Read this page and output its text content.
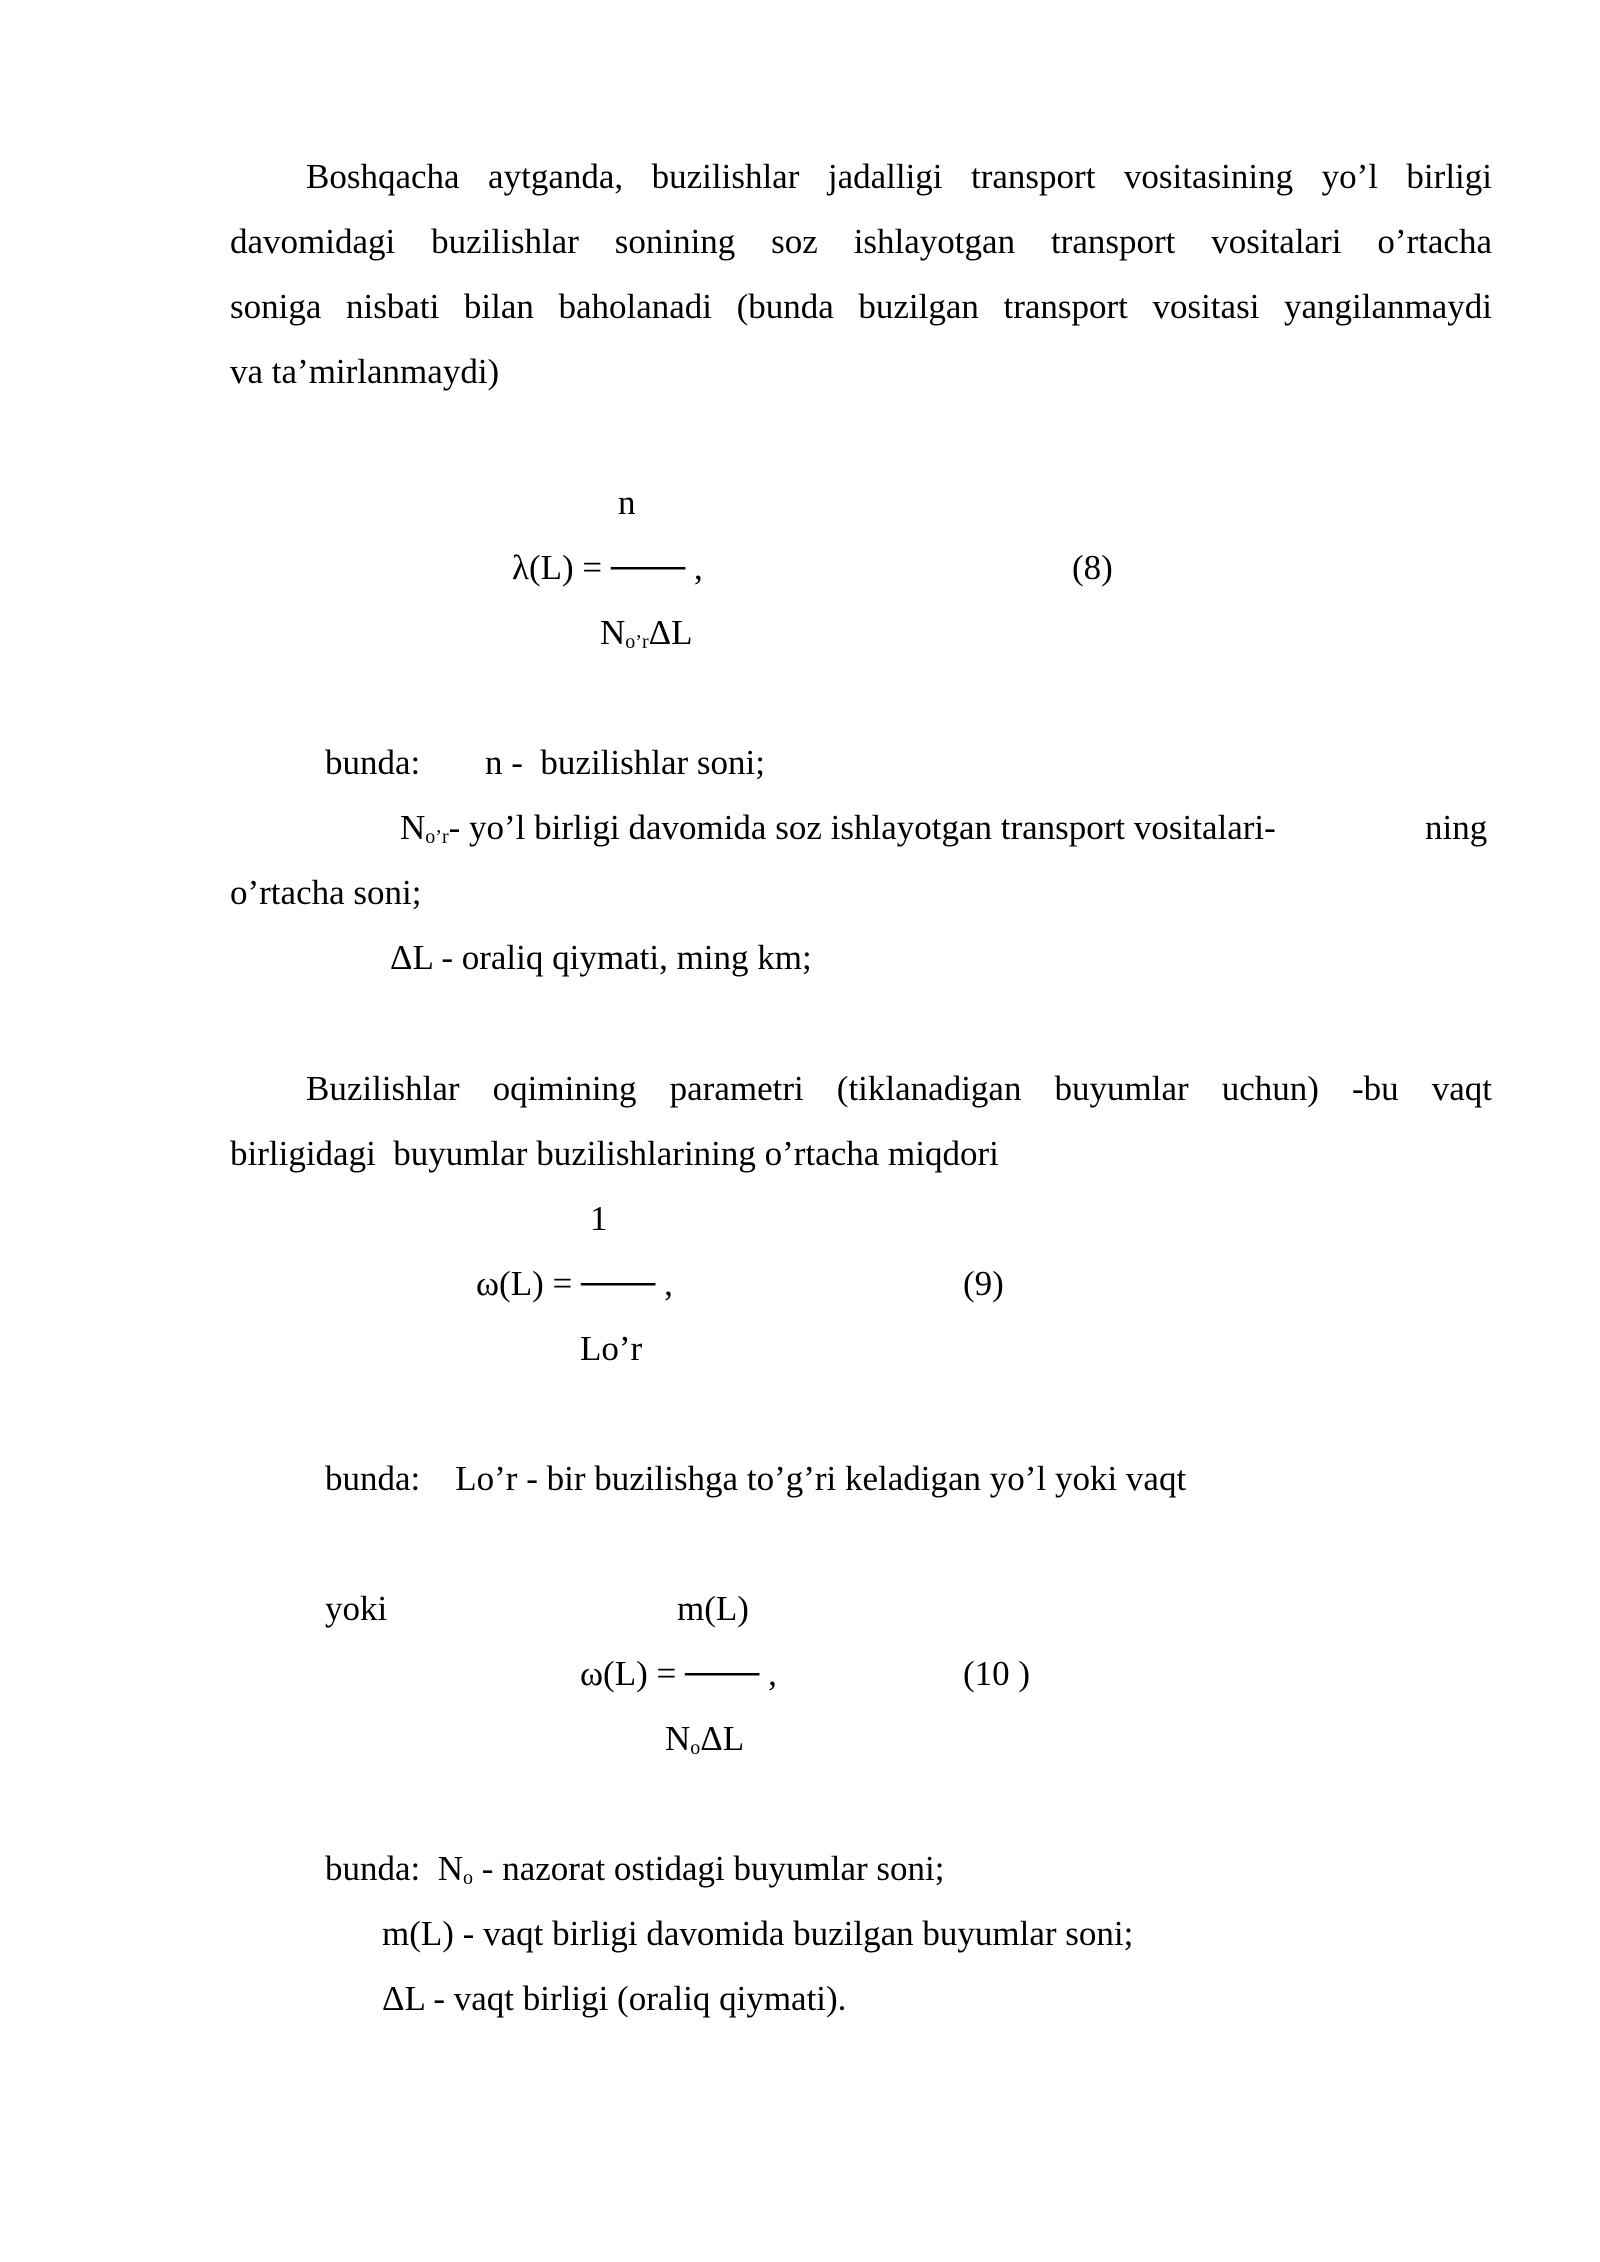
Boshqacha aytganda, buzilishlar jadalligi transport vositasining yo’l birligi
davomidagi buzilishlar sonining soz ishlayotgan transport vositalari o’rtacha
soniga nisbati bilan baholanadi (bunda buzilgan transport vositasi yangilanmaydi
va ta’mirlanmaydi)
n
λ(L) = ─── ,	(8)
$N_{o’r}\Delta L$
bunda: n -  buzilishlar soni;
$N_{o’r}-$ yo’l birligi davomida soz ishlayotgan transport vositalari-	ning
o’rtacha soni;
ΔL - oraliq qiymati, ming km;
Buzilishlar oqimining parametri (tiklanadigan buyumlar uchun) -bu vaqt
birligidagi  buyumlar buzilishlarining o’rtacha miqdori
1
ω(L) = ─── ,	(9)
Lo’r
bunda:    Lo’r - bir buzilishga to’g’ri keladigan yo’l yoki vaqt
yoki	m(L)
ω(L) = ─── ,	(10 )
$N_o\Delta L$
bunda: $N_o$ - nazorat ostidagi buyumlar soni;
m(L) - vaqt birligi davomida buzilgan buyumlar soni;
ΔL - vaqt birligi (oraliq qiymati).
